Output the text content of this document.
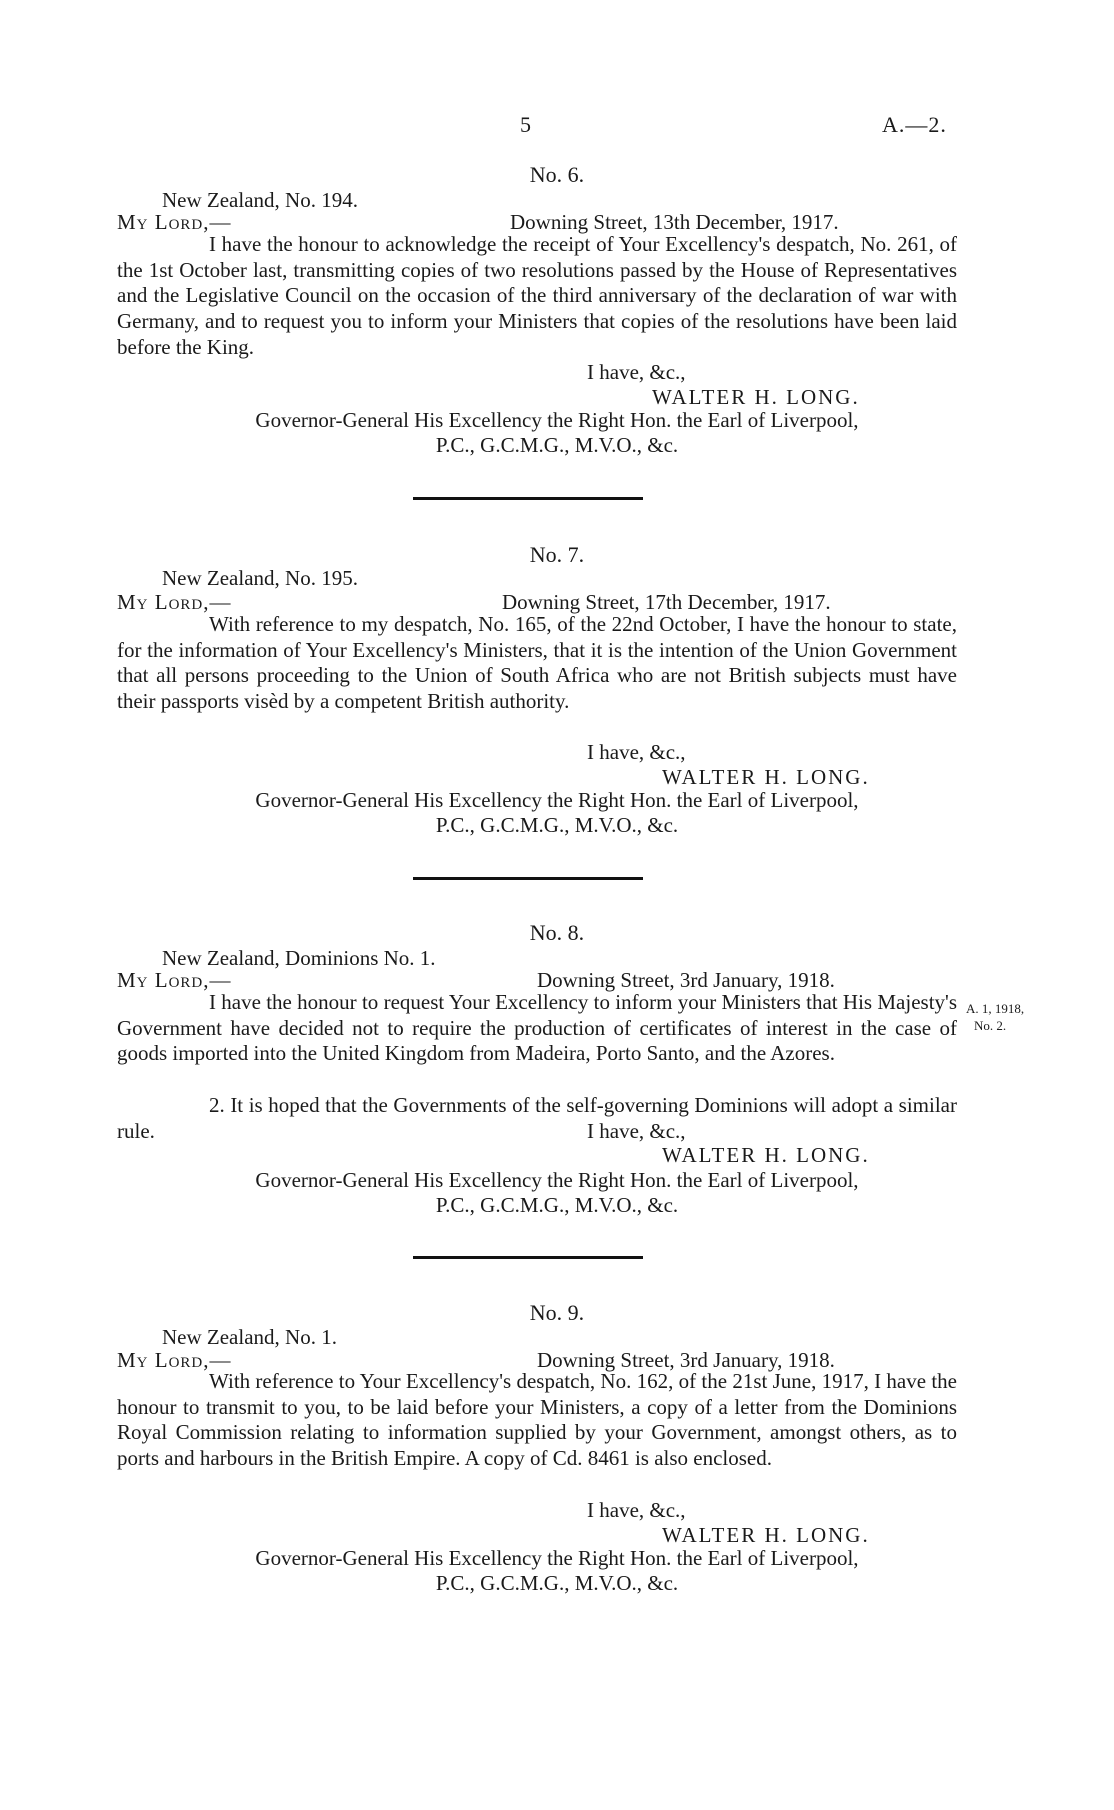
5	A.—2.
No. 6.
New Zealand, No. 194.
My Lord,—	Downing Street, 13th December, 1917.

I have the honour to acknowledge the receipt of Your Excellency's despatch, No. 261, of the 1st October last, transmitting copies of two resolutions passed by the House of Representatives and the Legislative Council on the occasion of the third anniversary of the declaration of war with Germany, and to request you to inform your Ministers that copies of the resolutions have been laid before the King.

I have, &c.,
WALTER H. LONG.
Governor-General His Excellency the Right Hon. the Earl of Liverpool,
P.C., G.C.M.G., M.V.O., &c.
No. 7.
New Zealand, No. 195.
My Lord,—	Downing Street, 17th December, 1917.

With reference to my despatch, No. 165, of the 22nd October, I have the honour to state, for the information of Your Excellency's Ministers, that it is the intention of the Union Government that all persons proceeding to the Union of South Africa who are not British subjects must have their passports visèd by a competent British authority.

I have, &c.,
WALTER H. LONG.
Governor-General His Excellency the Right Hon. the Earl of Liverpool,
P.C., G.C.M.G., M.V.O., &c.
No. 8.
New Zealand, Dominions No. 1.
My Lord,—	Downing Street, 3rd January, 1918.

I have the honour to request Your Excellency to inform your Ministers that His Majesty's Government have decided not to require the production of certificates of interest in the case of goods imported into the United Kingdom from Madeira, Porto Santo, and the Azores.

2. It is hoped that the Governments of the self-governing Dominions will adopt a similar rule.	I have, &c.,
WALTER H. LONG.
Governor-General His Excellency the Right Hon. the Earl of Liverpool,
P.C., G.C.M.G., M.V.O., &c.
A. 1, 1918,
No. 2.
No. 9.
New Zealand, No. 1.
My Lord,—	Downing Street, 3rd January, 1918.

With reference to Your Excellency's despatch, No. 162, of the 21st June, 1917, I have the honour to transmit to you, to be laid before your Ministers, a copy of a letter from the Dominions Royal Commission relating to information supplied by your Government, amongst others, as to ports and harbours in the British Empire. A copy of Cd. 8461 is also enclosed.

I have, &c.,
WALTER H. LONG.
Governor-General His Excellency the Right Hon. the Earl of Liverpool,
P.C., G.C.M.G., M.V.O., &c.
